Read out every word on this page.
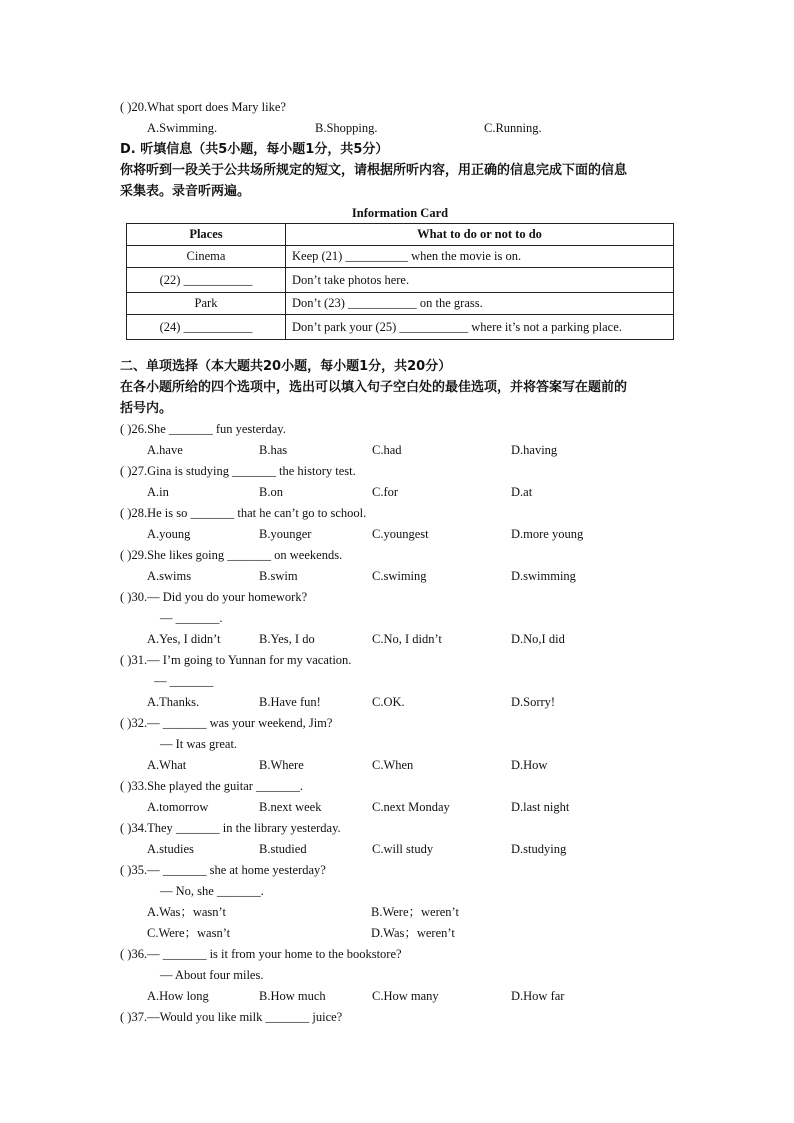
( )20.What sport does Mary like?
A.Swimming.	B.Shopping.	C.Running.
D. 听填信息（共5小题，每小题1分，共5分）
你将听到一段关于公共场所规定的短文，请根据所听内容，用正确的信息完成下面的信息
采集表。录音听两遍。
Information Card
Places	What to do or not to do
Cinema	Keep (21) __________ when the movie is on.
(22) ___________	Don’t take photos here.
Park	Don’t (23) ___________ on the grass.
(24) ___________	Don’t park your (25) ___________ where it’s not a parking place.
二、单项选择（本大题共20小题，每小题1分，共20分）
在各小题所给的四个选项中，选出可以填入句子空白处的最佳选项，并将答案写在题前的
括号内。
( )26.She _______ fun yesterday.
A.have	B.has	C.had	D.having
( )27.Gina is studying _______ the history test.
A.in	B.on	C.for	D.at
( )28.He is so _______ that he can’t go to school.
A.young	B.younger	C.youngest	D.more young
( )29.She likes going _______ on weekends.
A.swims	B.swim	C.swiming	D.swimming
( )30.— Did you do your homework?
— _______.
A.Yes, I didn’t	B.Yes, I do	C.No, I didn’t	D.No,I did
( )31.— I’m going to Yunnan for my vacation.
— _______
A.Thanks.	B.Have fun!	C.OK.	D.Sorry!
( )32.— _______ was your weekend, Jim?
— It was great.
A.What	B.Where	C.When	D.How
( )33.She played the guitar _______.
A.tomorrow	B.next week	C.next Monday	D.last night
( )34.They _______ in the library yesterday.
A.studies	B.studied	C.will study	D.studying
( )35.— _______ she at home yesterday?
— No, she _______.
A.Was；wasn’t	B.Were；weren’t
C.Were；wasn’t	D.Was；weren’t
( )36.— _______ is it from your home to the bookstore?
— About four miles.
A.How long	B.How much	C.How many	D.How far
( )37.—Would you like milk _______ juice?
